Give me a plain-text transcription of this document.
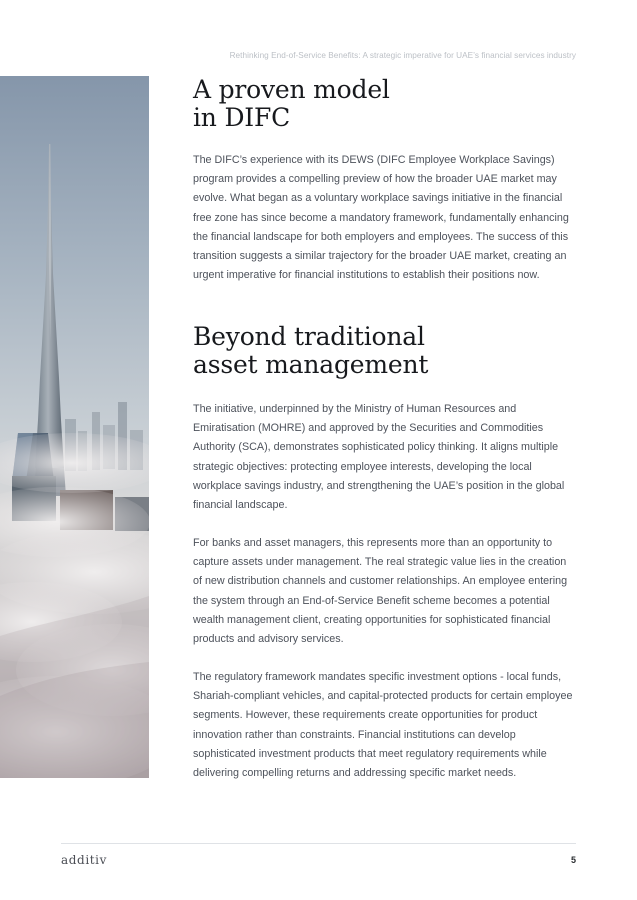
Rethinking End-of-Service Benefits: A strategic imperative for UAE’s financial services industry
A proven model
in DIFC

The DIFC’s experience with its DEWS (DIFC Employee Workplace Savings) program provides a compelling preview of how the broader UAE market may evolve. What began as a voluntary workplace savings initiative in the financial free zone has since become a mandatory framework, fundamentally enhancing the financial landscape for both employers and employees. The success of this transition suggests a similar trajectory for the broader UAE market, creating an urgent imperative for financial institutions to establish their positions now.

Beyond traditional
asset management

The initiative, underpinned by the Ministry of Human Resources and Emiratisation (MOHRE) and approved by the Securities and Commodities Authority (SCA), demonstrates sophisticated policy thinking. It aligns multiple strategic objectives: protecting employee interests, developing the local workplace savings industry, and strengthening the UAE’s position in the global financial landscape.

For banks and asset managers, this represents more than an opportunity to capture assets under management. The real strategic value lies in the creation of new distribution channels and customer relationships. An employee entering the system through an End-of-Service Benefit scheme becomes a potential wealth management client, creating opportunities for sophisticated financial products and advisory services.

The regulatory framework mandates specific investment options - local funds, Shariah-compliant vehicles, and capital-protected products for certain employee segments. However, these requirements create opportunities for product innovation rather than constraints. Financial institutions can develop sophisticated investment products that meet regulatory requirements while delivering compelling returns and addressing specific market needs.

additiv	5
